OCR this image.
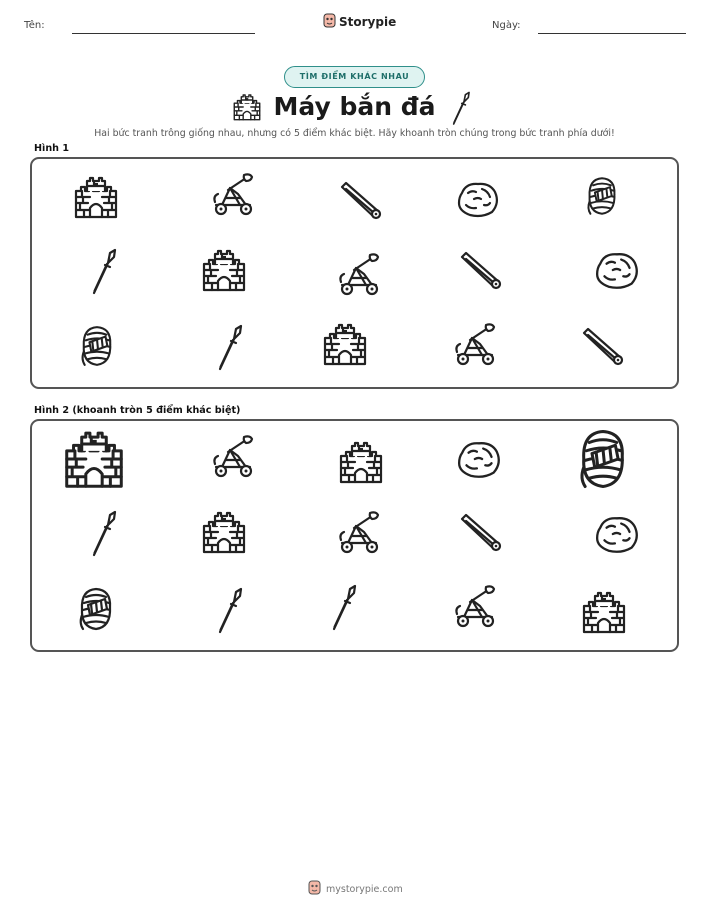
Tên:	Storypie	Ngày:
TÌM ĐIỂM KHÁC NHAU
Máy bắn đá
Hai bức tranh trông giống nhau, nhưng có 5 điểm khác biệt. Hãy khoanh tròn chúng trong bức tranh phía dưới!
Hình 1
Hình 2 (khoanh tròn 5 điểm khác biệt)
mystorypie.com
